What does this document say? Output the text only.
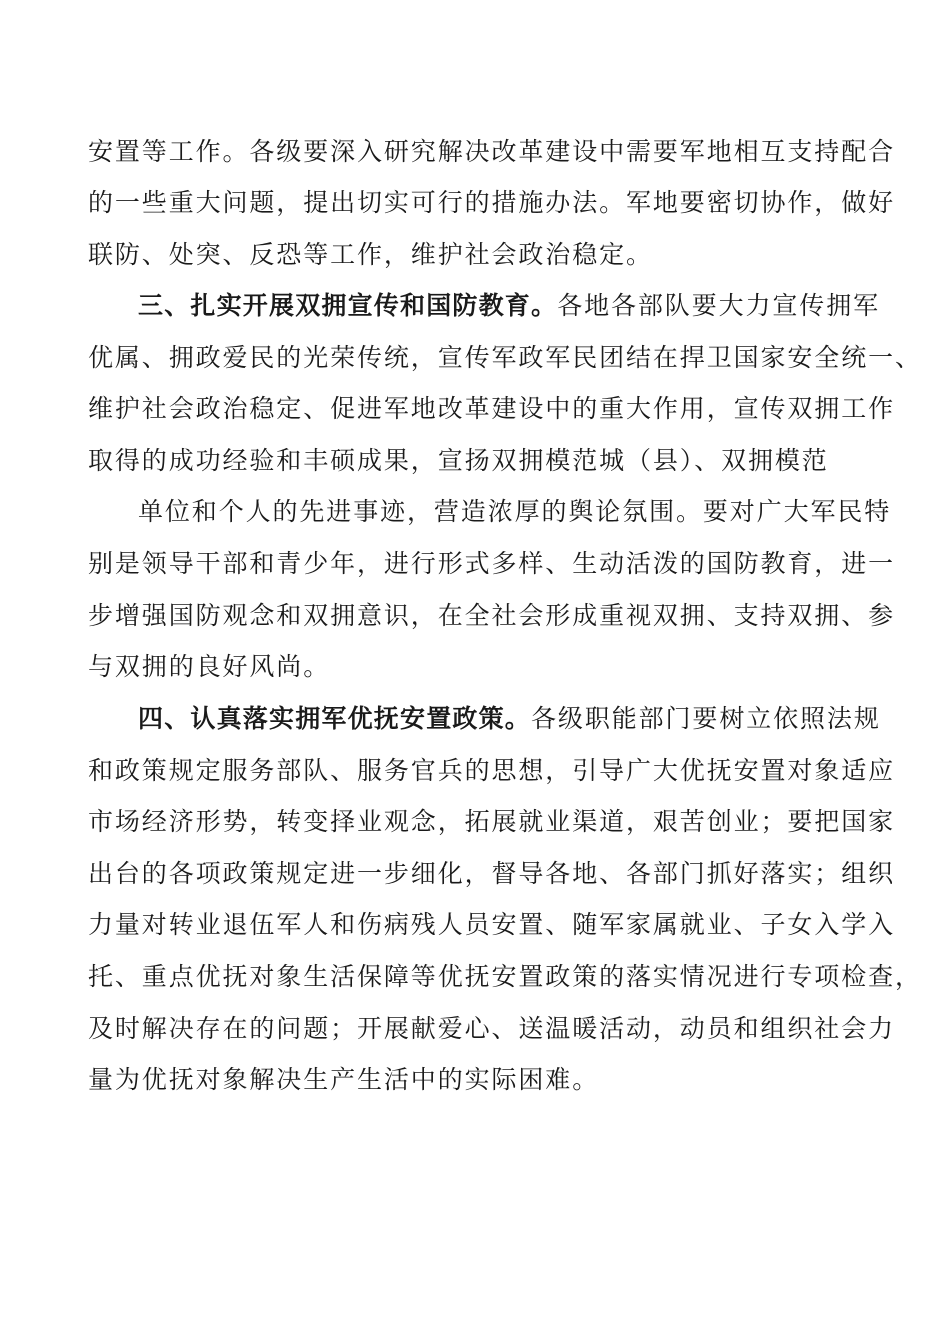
安置等工作。各级要深入研究解决改革建设中需要军地相互支持配合
的一些重大问题，提出切实可行的措施办法。军地要密切协作，做好
联防、处突、反恐等工作，维护社会政治稳定。
三、扎实开展双拥宣传和国防教育。各地各部队要大力宣传拥军
优属、拥政爱民的光荣传统，宣传军政军民团结在捍卫国家安全统一、
维护社会政治稳定、促进军地改革建设中的重大作用，宣传双拥工作
取得的成功经验和丰硕成果，宣扬双拥模范城（县）、双拥模范
单位和个人的先进事迹，营造浓厚的舆论氛围。要对广大军民特
别是领导干部和青少年，进行形式多样、生动活泼的国防教育，进一
步增强国防观念和双拥意识，在全社会形成重视双拥、支持双拥、参
与双拥的良好风尚。
四、认真落实拥军优抚安置政策。各级职能部门要树立依照法规
和政策规定服务部队、服务官兵的思想，引导广大优抚安置对象适应
市场经济形势，转变择业观念，拓展就业渠道，艰苦创业；要把国家
出台的各项政策规定进一步细化，督导各地、各部门抓好落实；组织
力量对转业退伍军人和伤病残人员安置、随军家属就业、子女入学入
托、重点优抚对象生活保障等优抚安置政策的落实情况进行专项检查，
及时解决存在的问题；开展献爱心、送温暖活动，动员和组织社会力
量为优抚对象解决生产生活中的实际困难。
